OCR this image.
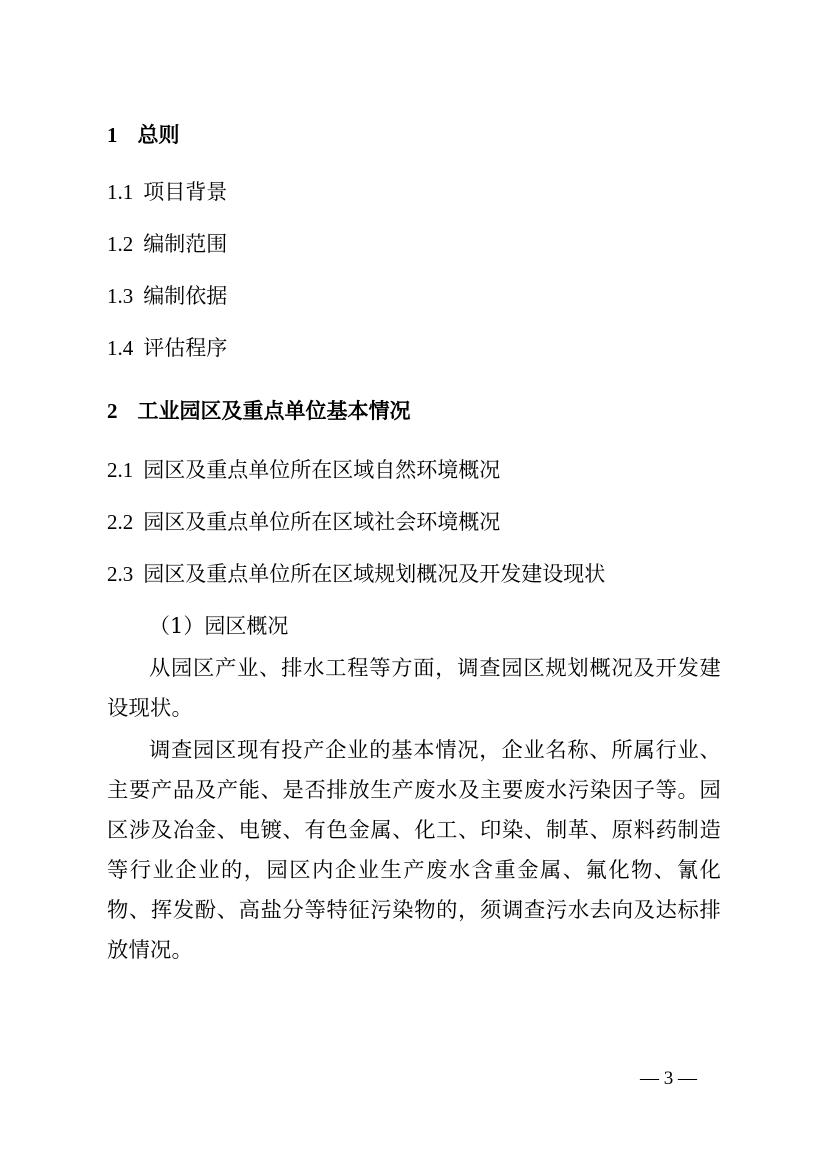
1 总则
1.1 项目背景
1.2 编制范围
1.3 编制依据
1.4 评估程序
2 工业园区及重点单位基本情况
2.1 园区及重点单位所在区域自然环境概况
2.2 园区及重点单位所在区域社会环境概况
2.3 园区及重点单位所在区域规划概况及开发建设现状
（1）园区概况
从园区产业、排水工程等方面，调查园区规划概况及开发建设现状。
调查园区现有投产企业的基本情况，企业名称、所属行业、主要产品及产能、是否排放生产废水及主要废水污染因子等。园区涉及冶金、电镀、有色金属、化工、印染、制革、原料药制造等行业企业的，园区内企业生产废水含重金属、氟化物、氰化物、挥发酚、高盐分等特征污染物的，须调查污水去向及达标排放情况。
— 3 —
